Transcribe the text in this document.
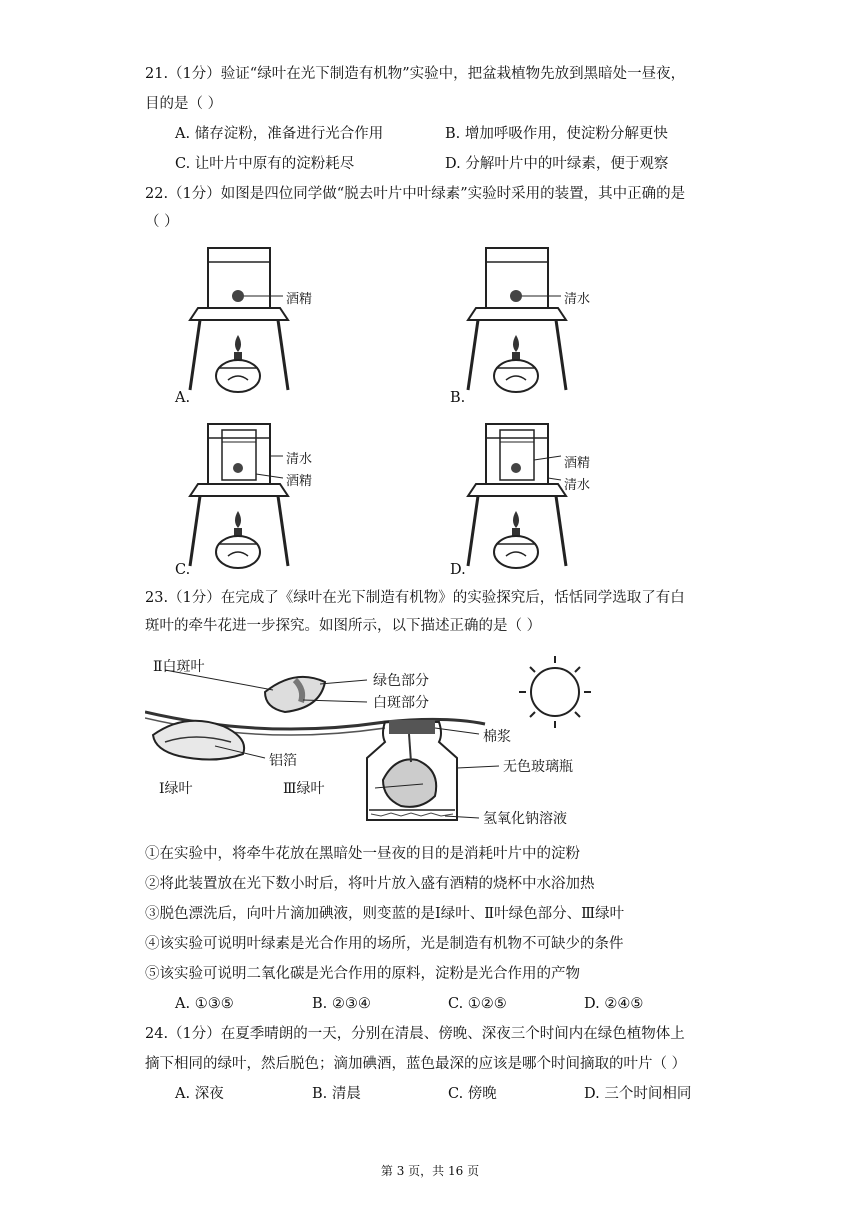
21.（1分）验证“绿叶在光下制造有机物”实验中，把盆栽植物先放到黑暗处一昼夜，
目的是（ ）
A. 储存淀粉，准备进行光合作用	B. 增加呼吸作用，使淀粉分解更快
C. 让叶片中原有的淀粉耗尽	D. 分解叶片中的叶绿素，便于观察
22.（1分）如图是四位同学做“脱去叶片中叶绿素”实验时采用的装置，其中正确的是
（ ）
酒精
A.
清水
B.
清水
酒精
C.
酒精
清水
D.
23.（1分）在完成了《绿叶在光下制造有机物》的实验探究后，恬恬同学选取了有白
斑叶的牵牛花进一步探究。如图所示，以下描述正确的是（ ）
Ⅱ白斑叶
绿色部分
白斑部分
棉浆
铝箔	无色玻璃瓶
Ⅰ绿叶	Ⅲ绿叶
氢氧化钠溶液
①在实验中，将牵牛花放在黑暗处一昼夜的目的是消耗叶片中的淀粉
②将此装置放在光下数小时后，将叶片放入盛有酒精的烧杯中水浴加热
③脱色漂洗后，向叶片滴加碘液，则变蓝的是Ⅰ绿叶、Ⅱ叶绿色部分、Ⅲ绿叶
④该实验可说明叶绿素是光合作用的场所，光是制造有机物不可缺少的条件
⑤该实验可说明二氧化碳是光合作用的原料，淀粉是光合作用的产物
A. ①③⑤	B. ②③④	C. ①②⑤	D. ②④⑤
24.（1分）在夏季晴朗的一天，分别在清晨、傍晚、深夜三个时间内在绿色植物体上
摘下相同的绿叶，然后脱色；滴加碘酒，蓝色最深的应该是哪个时间摘取的叶片（ ）
A. 深夜	B. 清晨	C. 傍晚	D. 三个时间相同
第 3 页，共 16 页
